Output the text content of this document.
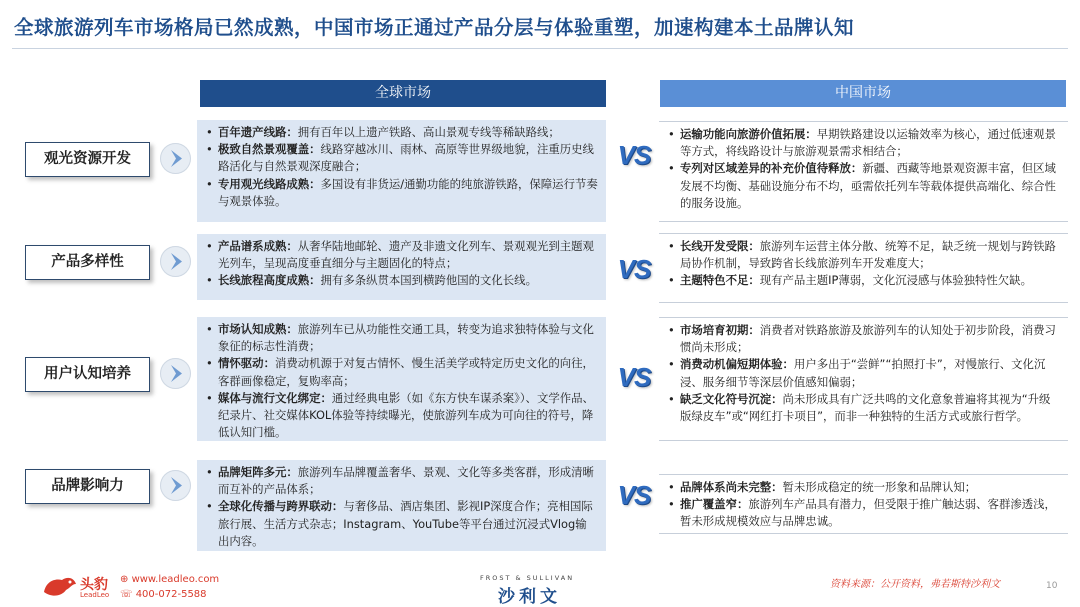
全球旅游列车市场格局已然成熟，中国市场正通过产品分层与体验重塑，加速构建本土品牌认知
全球市场	中国市场
观光资源开发
• 百年遗产线路：拥有百年以上遗产铁路、高山景观专线等稀缺路线；
• 极致自然景观覆盖：线路穿越冰川、雨林、高原等世界级地貌，注重历史线路活化与自然景观深度融合；
• 专用观光线路成熟：多国设有非货运/通勤功能的纯旅游铁路，保障运行节奏与观景体验。
VS
• 运输功能向旅游价值拓展：早期铁路建设以运输效率为核心，通过低速观景等方式，将线路设计与旅游观景需求相结合；
• 专列对区域差异的补充价值待释放：新疆、西藏等地景观资源丰富，但区域发展不均衡、基础设施分布不均，亟需依托列车等载体提供高端化、综合性的服务设施。
产品多样性
• 产品谱系成熟：从奢华陆地邮轮、遗产及非遗文化列车、景观观光到主题观光列车，呈现高度垂直细分与主题固化的特点；
• 长线旅程高度成熟：拥有多条纵贯本国到横跨他国的文化长线。	VS
• 长线开发受限：旅游列车运营主体分散、统筹不足，缺乏统一规划与跨铁路局协作机制，导致跨省长线旅游列车开发难度大；
• 主题特色不足：现有产品主题IP薄弱，文化沉浸感与体验独特性欠缺。
用户认知培养
• 市场认知成熟：旅游列车已从功能性交通工具，转变为追求独特体验与文化象征的标志性消费；
• 情怀驱动：消费动机源于对复古情怀、慢生活美学或特定历史文化的向往，客群画像稳定，复购率高；
• 媒体与流行文化绑定：通过经典电影（如《东方快车谋杀案》）、文学作品、纪录片、社交媒体KOL体验等持续曝光，使旅游列车成为可向往的符号，降低认知门槛。
VS
• 市场培育初期：消费者对铁路旅游及旅游列车的认知处于初步阶段，消费习惯尚未形成；
• 消费动机偏短期体验：用户多出于“尝鲜”“拍照打卡”，对慢旅行、文化沉浸、服务细节等深层价值感知偏弱；
• 缺乏文化符号沉淀：尚未形成具有广泛共鸣的文化意象普遍将其视为“升级版绿皮车”或“网红打卡项目”，而非一种独特的生活方式或旅行哲学。
品牌影响力
• 品牌矩阵多元：旅游列车品牌覆盖奢华、景观、文化等多类客群，形成清晰而互补的产品体系；
• 全球化传播与跨界联动：与奢侈品、酒店集团、影视IP深度合作；亮相国际旅行展、生活方式杂志；Instagram、YouTube等平台通过沉浸式Vlog输出内容。
VS
•	品牌体系尚未完整：暂未形成稳定的统一形象和品牌认知；
• 推广覆盖窄：旅游列车产品具有潜力，但受限于推广触达弱、客群渗透浅，暂未形成规模效应与品牌忠诚。
头豹
LeadLeo
⊕ www.leadleo.com
☏ 400-072-5588
FROST & SULLIVAN
沙利文
资料来源：公开资料，弗若斯特沙利文	10
